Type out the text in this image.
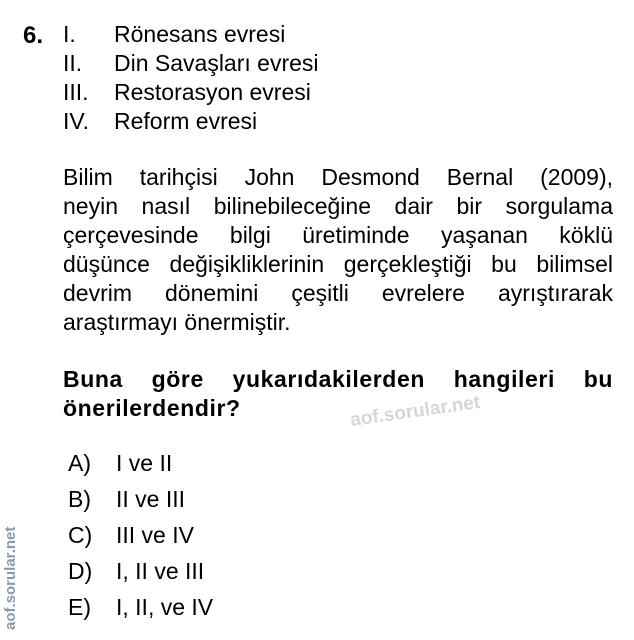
6. I. Rönesans evresi
II. Din Savaşları evresi
III. Restorasyon evresi
IV. Reform evresi
Bilim tarihçisi John Desmond Bernal (2009),
neyin nasıl bilinebileceğine dair bir sorgulama
çerçevesinde bilgi üretiminde yaşanan köklü
düşünce değişikliklerinin gerçekleştiği bu bilimsel
devrim dönemini çeşitli evrelere ayrıştırarak
araştırmayı önermiştir.
Buna göre yukarıdakilerden hangileri bu
önerilerdendir?	aof.sorular.net
A) I ve II
B) II ve III
C) III ve IV
D) I, II ve III
E) I, II, ve IV
aof.sorular.net
